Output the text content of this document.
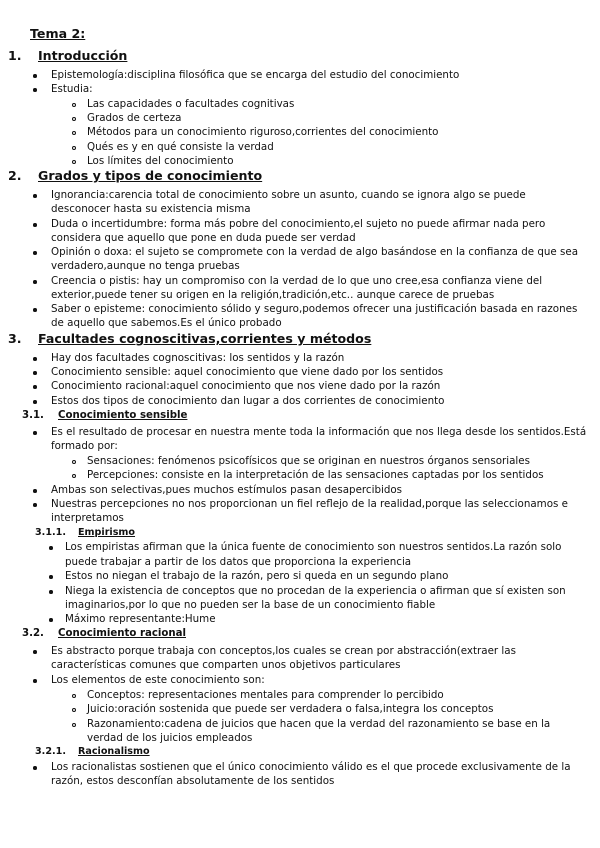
Tema 2:
1. Introducción
Epistemología:disciplina filosófica que se encarga del estudio del conocimiento
Estudia:
Las capacidades o facultades cognitivas
Grados de certeza
Métodos para un conocimiento riguroso,corrientes del conocimiento
Qués es y en qué consiste la verdad
Los límites del conocimiento
2. Grados y tipos de conocimiento
Ignorancia:carencia total de conocimiento sobre un asunto, cuando se ignora algo se puede
desconocer hasta su existencia misma
Duda o incertidumbre: forma más pobre del conocimiento,el sujeto no puede afirmar nada pero
considera que aquello que pone en duda puede ser verdad
Opinión o doxa: el sujeto se compromete con la verdad de algo basándose en la confianza de que sea
verdadero,aunque no tenga pruebas
Creencia o pistis: hay un compromiso con la verdad de lo que uno cree,esa confianza viene del
exterior,puede tener su origen en la religión,tradición,etc.. aunque carece de pruebas
Saber o episteme: conocimiento sólido y seguro,podemos ofrecer una justificación basada en razones
de aquello que sabemos.Es el único probado
3. Facultades cognoscitivas,corrientes y métodos
Hay dos facultades cognoscitivas: los sentidos y la razón
Conocimiento sensible: aquel conocimiento que viene dado por los sentidos
Conocimiento racional:aquel conocimiento que nos viene dado por la razón
Estos dos tipos de conocimiento dan lugar a dos corrientes de conocimiento
3.1. Conocimiento sensible
Es el resultado de procesar en nuestra mente toda la información que nos llega desde los sentidos.Está
formado por:
Sensaciones: fenómenos psicofísicos que se originan en nuestros órganos sensoriales
Percepciones: consiste en la interpretación de las sensaciones captadas por los sentidos
Ambas son selectivas,pues muchos estímulos pasan desapercibidos
Nuestras percepciones no nos proporcionan un fiel reflejo de la realidad,porque las seleccionamos e
interpretamos
3.1.1. Empirismo
Los empiristas afirman que la única fuente de conocimiento son nuestros sentidos.La razón solo
puede trabajar a partir de los datos que proporciona la experiencia
Estos no niegan el trabajo de la razón, pero si queda en un segundo plano
Niega la existencia de conceptos que no procedan de la experiencia o afirman que sí existen son
imaginarios,por lo que no pueden ser la base de un conocimiento fiable
Máximo representante:Hume
3.2. Conocimiento racional
Es abstracto porque trabaja con conceptos,los cuales se crean por abstracción(extraer las
características comunes que comparten unos objetivos particulares
Los elementos de este conocimiento son:
Conceptos: representaciones mentales para comprender lo percibido
Juicio:oración sostenida que puede ser verdadera o falsa,integra los conceptos
Razonamiento:cadena de juicios que hacen que la verdad del razonamiento se base en la
verdad de los juicios empleados
3.2.1. Racionalismo
Los racionalistas sostienen que el único conocimiento válido es el que procede exclusivamente de la
razón, estos desconfían absolutamente de los sentidos
